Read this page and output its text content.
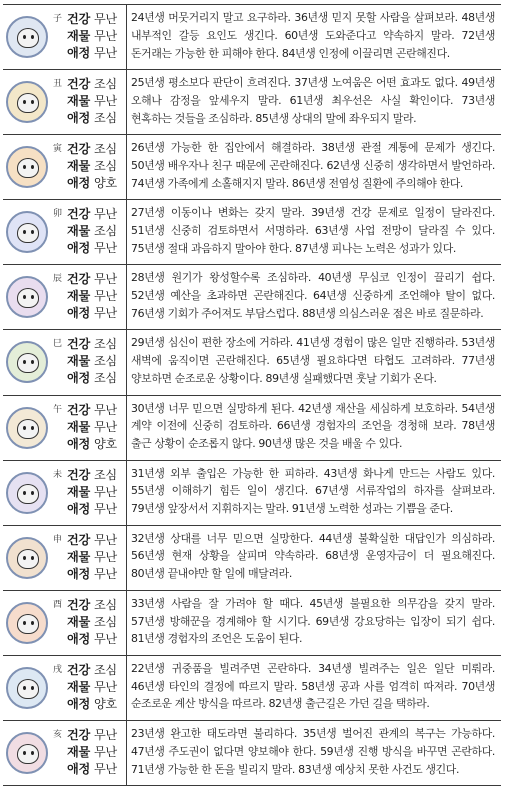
子 건강 무난
재물 무난
애정 무난

24년생 머뭇거리지 말고 요구하라. 36년생 믿지 못할 사람을 살펴보라. 48년생 내부적인 갈등 요인도 생긴다. 60년생 도와준다고 약속하지 말라. 72년생 돈거래는 가능한 한 피해야 한다. 84년생 인정에 이끌리면 곤란해진다.

丑 건강 조심
재물 무난
애정 조심

25년생 평소보다 판단이 흐려진다. 37년생 노여움은 어떤 효과도 없다. 49년생 오해나 감정을 앞세우지 말라. 61년생 최우선은 사실 확인이다. 73년생 현혹하는 것들을 조심하라. 85년생 상대의 말에 좌우되지 말라.

寅 건강 조심
재물 조심
애정 양호

26년생 가능한 한 집안에서 해결하라. 38년생 관절 계통에 문제가 생긴다. 50년생 배우자나 친구 때문에 곤란해진다. 62년생 신중히 생각하면서 발언하라. 74년생 가족에게 소홀해지지 말라. 86년생 전염성 질환에 주의해야 한다.

卯 건강 무난
재물 조심
애정 무난

27년생 이동이나 변화는 갖지 말라. 39년생 건강 문제로 일정이 달라진다. 51년생 신중히 검토하면서 서명하라. 63년생 사업 전망이 달라질 수 있다. 75년생 절대 과음하지 말아야 한다. 87년생 피나는 노력은 성과가 있다.

辰 건강 무난
재물 무난
애정 무난

28년생 원기가 왕성할수록 조심하라. 40년생 무심코 인정이 끌리기 쉽다. 52년생 예산을 초과하면 곤란해진다. 64년생 신중하게 조언해야 탈이 없다. 76년생 기회가 주어져도 부담스럽다. 88년생 의심스러운 점은 바로 질문하라.

巳 건강 조심
재물 조심
애정 조심

29년생 심신이 편한 장소에 거하라. 41년생 경험이 많은 일만 진행하라. 53년생 새벽에 움직이면 곤란해진다. 65년생 필요하다면 타협도 고려하라. 77년생 양보하면 순조로운 상황이다. 89년생 실패했다면 훗날 기회가 온다.

午 건강 무난
재물 무난
애정 양호

30년생 너무 믿으면 실망하게 된다. 42년생 재산을 세심하게 보호하라. 54년생 계약 이전에 신중히 검토하라. 66년생 경험자의 조언을 경청해 보라. 78년생 출근 상황이 순조롭지 않다. 90년생 많은 것을 배울 수 있다.

未 건강 조심
재물 무난
애정 무난

31년생 외부 출입은 가능한 한 피하라. 43년생 화나게 만드는 사람도 있다. 55년생 이해하기 힘든 일이 생긴다. 67년생 서류작업의 하자를 살펴보라. 79년생 앞장서서 지휘하지는 말라. 91년생 노력한 성과는 기쁨을 준다.

申 건강 무난
재물 무난
애정 무난

32년생 상대를 너무 믿으면 실망한다. 44년생 불확실한 대답인가 의심하라. 56년생 현재 상황을 살피며 약속하라. 68년생 운영자금이 더 필요해진다. 80년생 끝내야만 할 일에 매달려라.

酉 건강 조심
재물 조심
애정 무난

33년생 사람을 잘 가려야 할 때다. 45년생 불필요한 의무감을 갖지 말라. 57년생 방해꾼을 경계해야 할 시기다. 69년생 강요당하는 입장이 되기 쉽다. 81년생 경험자의 조언은 도움이 된다.

戌 건강 조심
재물 무난
애정 양호

22년생 귀중품을 빌려주면 곤란하다. 34년생 빌려주는 일은 일단 미뤄라. 46년생 타인의 결정에 따르지 말라. 58년생 공과 사를 엄격히 따져라. 70년생 순조로운 계산 방식을 따르라. 82년생 출근길은 가던 길을 택하라.

亥 건강 무난
재물 무난
애정 무난

23년생 완고한 태도라면 불리하다. 35년생 벌어진 관계의 복구는 가능하다. 47년생 주도권이 없다면 양보해야 한다. 59년생 진행 방식을 바꾸면 곤란하다. 71년생 가능한 한 돈을 빌리지 말라. 83년생 예상치 못한 사건도 생긴다.
